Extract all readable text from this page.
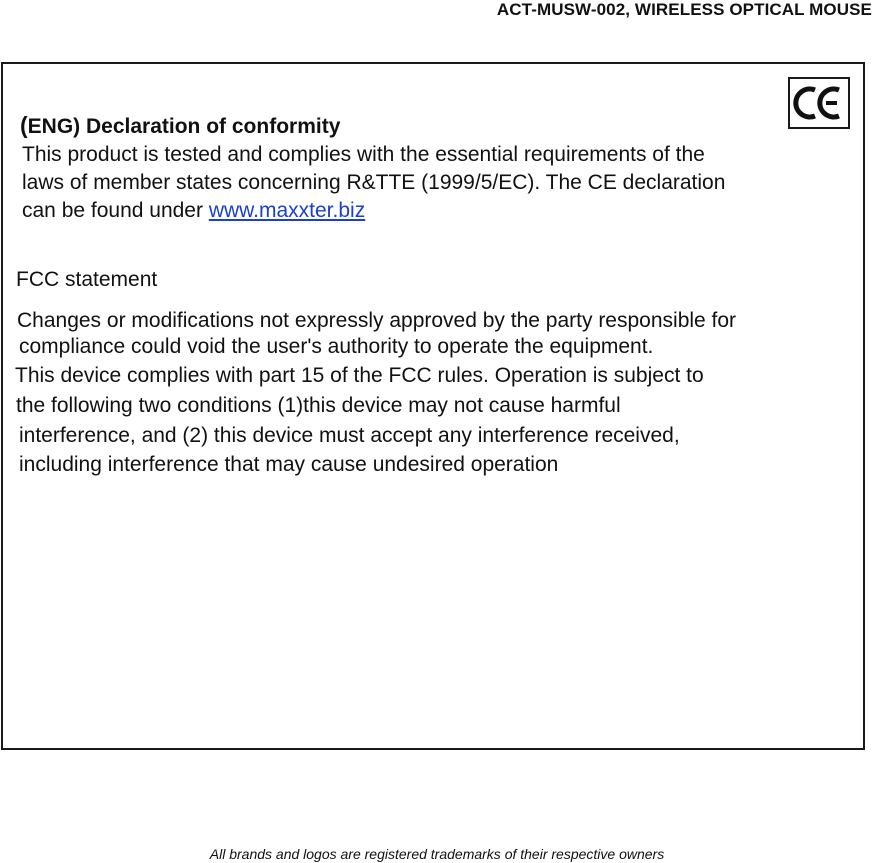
ACT-MUSW-002, WIRELESS OPTICAL MOUSE
(ENG) Declaration of conformity
This product is tested and complies with the essential requirements of the
laws of member states concerning R&TTE (1999/5/EC). The CE declaration
can be found under www.maxxter.biz
FCC statement
Changes or modifications not expressly approved by the party responsible for
compliance could void the user's authority to operate the equipment.
This device complies with part 15 of the FCC rules. Operation is subject to
the following two conditions (1)this device may not cause harmful
interference, and (2) this device must accept any interference received,
including interference that may cause undesired operation
All brands and logos are registered trademarks of their respective owners
